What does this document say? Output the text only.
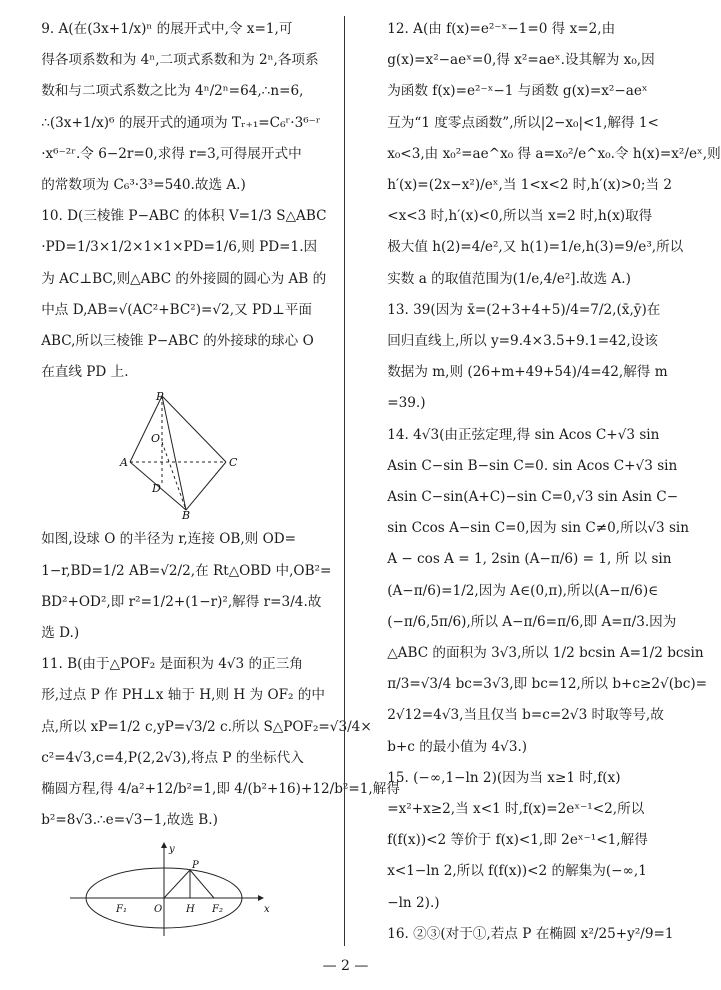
9. A(在(3x+1/x)ⁿ 的展开式中,令 x=1,可
得各项系数和为 4ⁿ,二项式系数和为 2ⁿ,各项系
数和与二项式系数之比为 4ⁿ/2ⁿ=64,∴n=6,
∴(3x+1/x)⁶ 的展开式的通项为 Tᵣ₊₁=C₆ʳ·3⁶⁻ʳ
·x⁶⁻²ʳ.令 6−2r=0,求得 r=3,可得展开式中
的常数项为 C₆³·3³=540.故选 A.)

10. D(三棱锥 P−ABC 的体积 V=1/3 S△ABC
·PD=1/3×1/2×1×1×PD=1/6,则 PD=1.因
为 AC⊥BC,则△ABC 的外接圆的圆心为 AB 的
中点 D,AB=√(AC²+BC²)=√2,又 PD⊥平面
ABC,所以三棱锥 P−ABC 的外接球的球心 O
在直线 PD 上.

P
O
A	C
D
B

如图,设球 O 的半径为 r,连接 OB,则 OD=
1−r,BD=1/2 AB=√2/2,在 Rt△OBD 中,OB²=
BD²+OD²,即 r²=1/2+(1−r)²,解得 r=3/4.故
选 D.)

11. B(由于△POF₂ 是面积为 4√3 的正三角
形,过点 P 作 PH⊥x 轴于 H,则 H 为 OF₂ 的中
点,所以 xP=1/2 c,yP=√3/2 c.所以 S△POF₂=√3/4×
c²=4√3,c=4,P(2,2√3),将点 P 的坐标代入
椭圆方程,得 4/a²+12/b²=1,即 4/(b²+16)+12/b²=1,解得
b²=8√3.∴e=√3−1,故选 B.)

y
x
P
F₁	O H F₂

12. A(由 f(x)=e²⁻ˣ−1=0 得 x=2,由
g(x)=x²−aeˣ=0,得 x²=aeˣ.设其解为 x₀,因
为函数 f(x)=e²⁻ˣ−1 与函数 g(x)=x²−aeˣ
互为“1 度零点函数”,所以|2−x₀|<1,解得 1<
x₀<3,由 x₀²=ae^x₀ 得 a=x₀²/e^x₀.令 h(x)=x²/eˣ,则
h′(x)=(2x−x²)/eˣ,当 1<x<2 时,h′(x)>0;当 2
<x<3 时,h′(x)<0,所以当 x=2 时,h(x)取得
极大值 h(2)=4/e²,又 h(1)=1/e,h(3)=9/e³,所以
实数 a 的取值范围为(1/e,4/e²].故选 A.)

13. 39(因为 x̄=(2+3+4+5)/4=7/2,(x̄,ȳ)在
回归直线上,所以 y=9.4×3.5+9.1=42,设该
数据为 m,则 (26+m+49+54)/4=42,解得 m
=39.)

14. 4√3(由正弦定理,得 sin Acos C+√3 sin
Asin C−sin B−sin C=0. sin Acos C+√3 sin
Asin C−sin(A+C)−sin C=0,√3 sin Asin C−
sin Ccos A−sin C=0,因为 sin C≠0,所以√3 sin
A − cos A = 1, 2sin (A−π/6) = 1, 所 以 sin
(A−π/6)=1/2,因为 A∈(0,π),所以(A−π/6)∈
(−π/6,5π/6),所以 A−π/6=π/6,即 A=π/3.因为
△ABC 的面积为 3√3,所以 1/2 bcsin A=1/2 bcsin
π/3=√3/4 bc=3√3,即 bc=12,所以 b+c≥2√(bc)=
2√12=4√3,当且仅当 b=c=2√3 时取等号,故
b+c 的最小值为 4√3.)

15. (−∞,1−ln 2)(因为当 x≥1 时,f(x)
=x²+x≥2,当 x<1 时,f(x)=2eˣ⁻¹<2,所以
f(f(x))<2 等价于 f(x)<1,即 2eˣ⁻¹<1,解得
x<1−ln 2,所以 f(f(x))<2 的解集为(−∞,1
−ln 2).)

16. ②③(对于①,若点 P 在椭圆 x²/25+y²/9=1

— 2 —
